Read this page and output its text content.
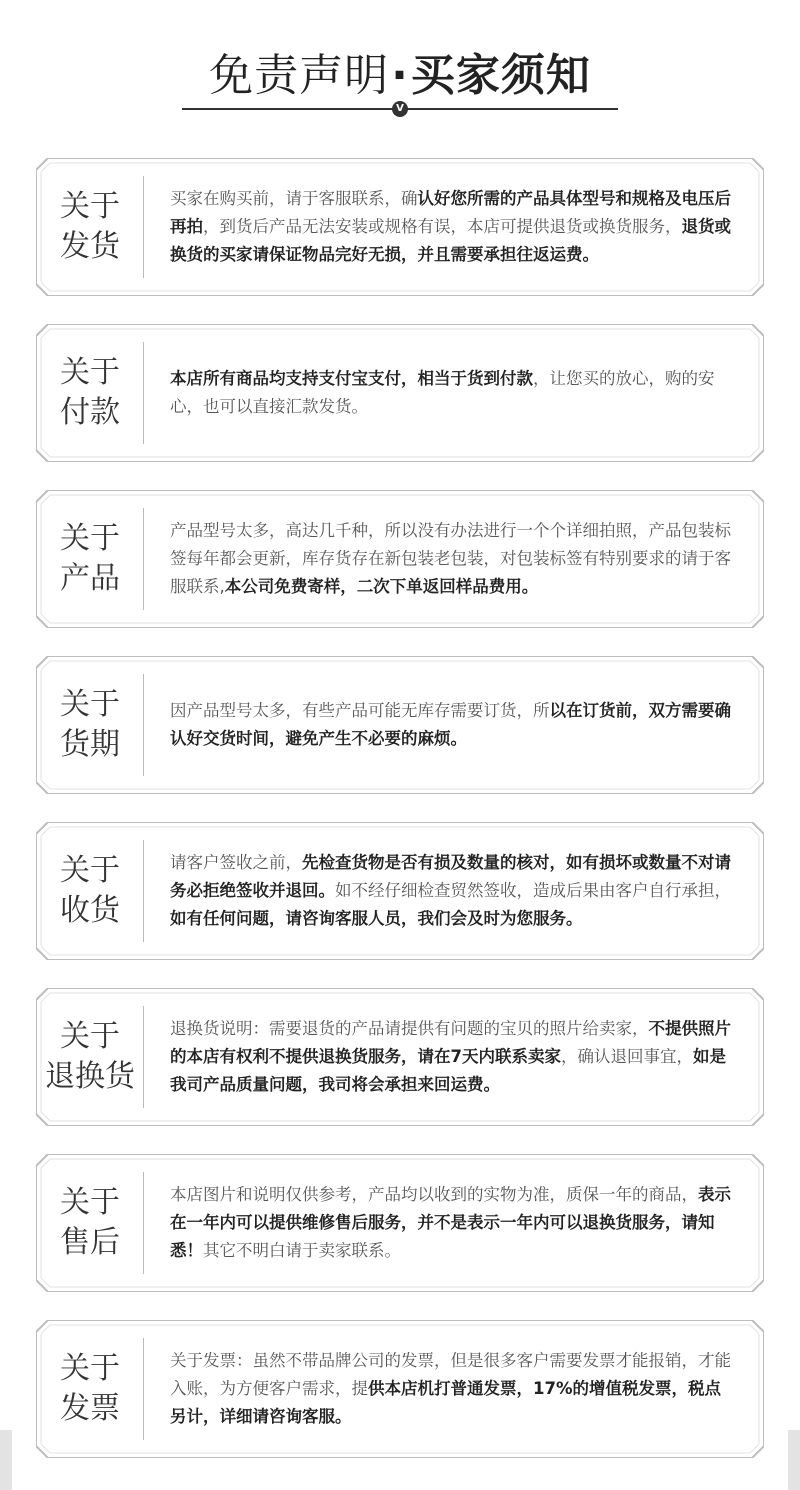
免责声明·买家须知
V
关于
发货

买家在购买前，请于客服联系，确认好您所需的产品具体型号和规格及电压后再拍，到货后产品无法安装或规格有误，本店可提供退货或换货服务，退货或换货的买家请保证物品完好无损，并且需要承担往返运费。

关于
付款

本店所有商品均支持支付宝支付，相当于货到付款，让您买的放心，购的安心，也可以直接汇款发货。

关于
产品

产品型号太多，高达几千种，所以没有办法进行一个个详细拍照，产品包装标签每年都会更新，库存货存在新包装老包装，对包装标签有特别要求的请于客服联系,本公司免费寄样，二次下单返回样品费用。

关于
货期

因产品型号太多，有些产品可能无库存需要订货，所以在订货前，双方需要确认好交货时间，避免产生不必要的麻烦。

关于
收货

请客户签收之前，先检查货物是否有损及数量的核对，如有损坏或数量不对请务必拒绝签收并退回。如不经仔细检查贸然签收，造成后果由客户自行承担，如有任何问题，请咨询客服人员，我们会及时为您服务。

关于
退换货

退换货说明：需要退货的产品请提供有问题的宝贝的照片给卖家，不提供照片的本店有权利不提供退换货服务，请在7天内联系卖家，确认退回事宜，如是我司产品质量问题，我司将会承担来回运费。

关于
售后

本店图片和说明仅供参考，产品均以收到的实物为准，质保一年的商品，表示在一年内可以提供维修售后服务，并不是表示一年内可以退换货服务，请知悉！其它不明白请于卖家联系。

关于
发票

关于发票：虽然不带品牌公司的发票，但是很多客户需要发票才能报销，才能入账，为方便客户需求，提供本店机打普通发票，17%的增值税发票，税点另计，详细请咨询客服。
